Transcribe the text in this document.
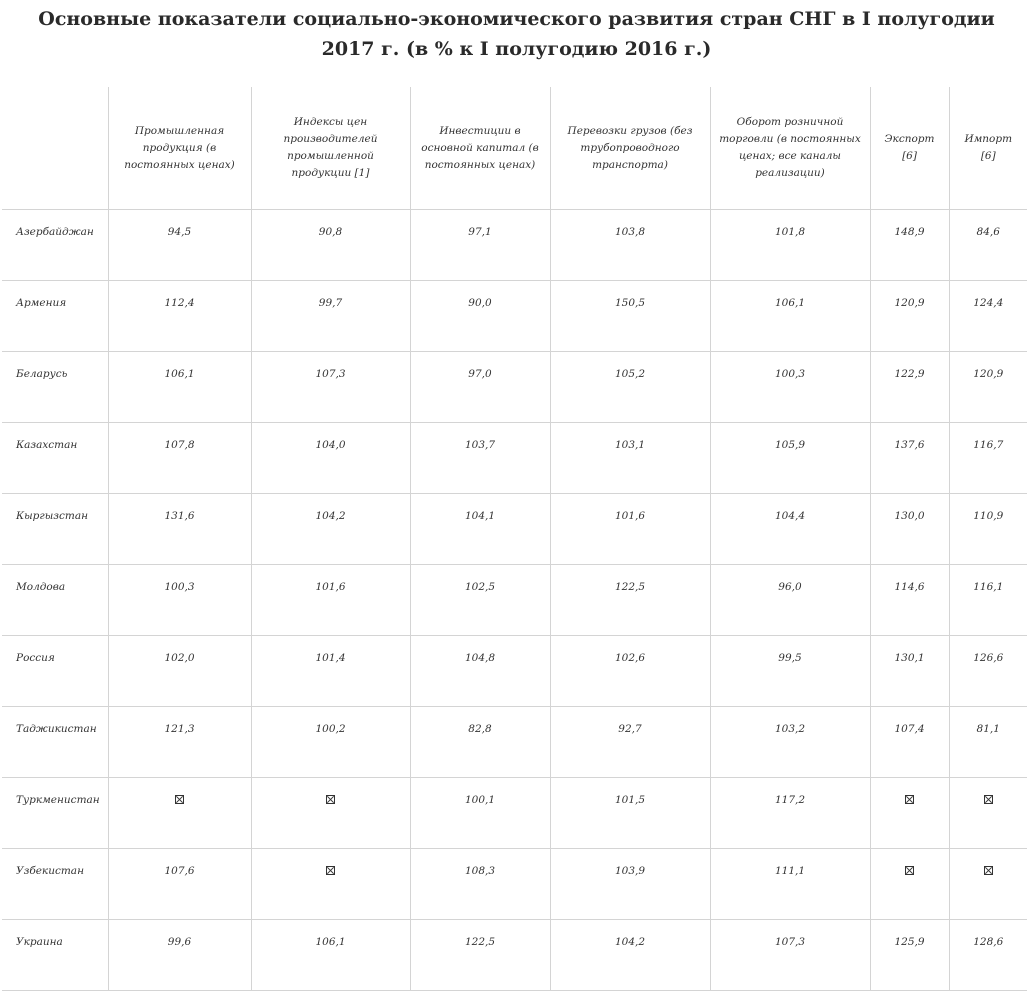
Основные показатели социально-экономического развития стран СНГ в I полугодии
2017 г. (в % к I полугодию 2016 г.)
	Промышленная продукция (в постоянных ценах)	Индексы цен производителей промышленной продукции [1]	Инвестиции в основной капитал (в постоянных ценах)	Перевозки грузов (без трубопроводного транспорта)	Оборот розничной торговли (в постоянных ценах; все каналы реализации)	Экспорт [6]	Импорт [6]
Азербайджан	94,5	90,8	97,1	103,8	101,8	148,9	84,6
Армения	112,4	99,7	90,0	150,5	106,1	120,9	124,4
Беларусь	106,1	107,3	97,0	105,2	100,3	122,9	120,9
Казахстан	107,8	104,0	103,7	103,1	105,9	137,6	116,7
Кыргызстан	131,6	104,2	104,1	101,6	104,4	130,0	110,9
Молдова	100,3	101,6	102,5	122,5	96,0	114,6	116,1
Россия	102,0	101,4	104,8	102,6	99,5	130,1	126,6
Таджикистан	121,3	100,2	82,8	92,7	103,2	107,4	81,1
Туркменистан			100,1	101,5	117,2		
Узбекистан	107,6		108,3	103,9	111,1		
Украина	99,6	106,1	122,5	104,2	107,3	125,9	128,6
